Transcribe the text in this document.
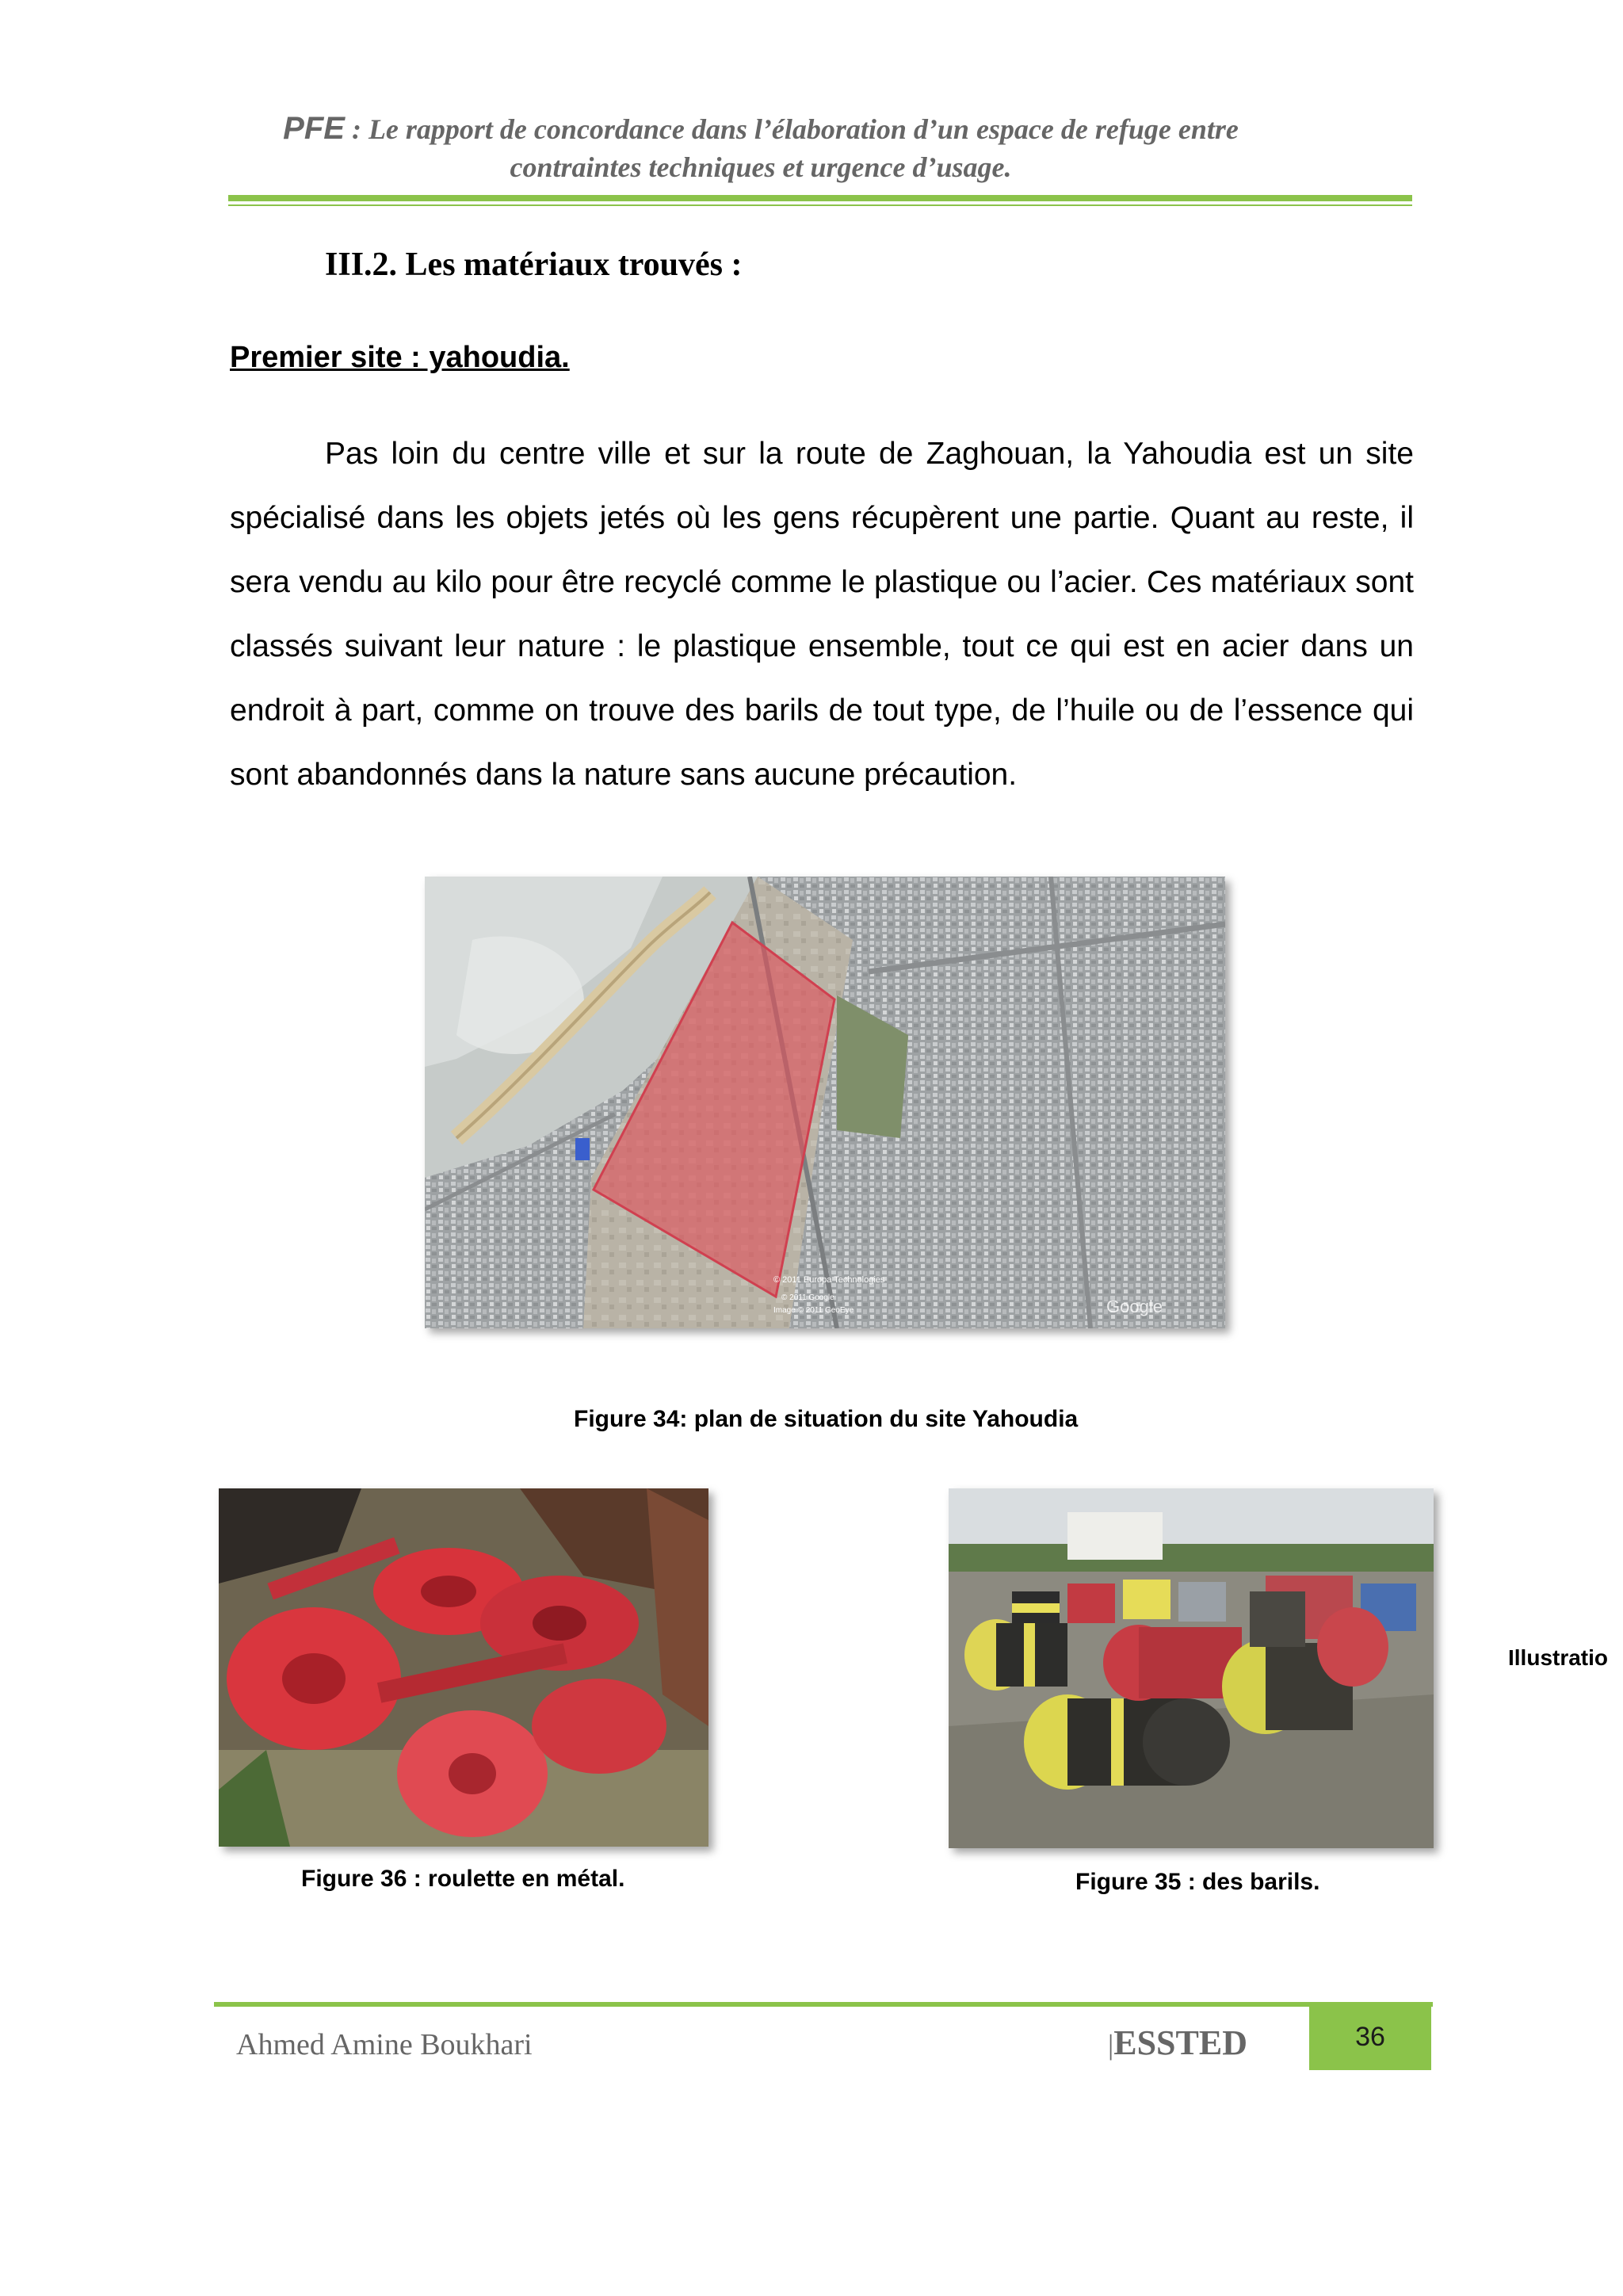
PFE : Le rapport de concordance dans l’élaboration d’un espace de refuge entre
contraintes techniques et urgence d’usage.
III.2. Les matériaux trouvés :
Premier site : yahoudia.

Pas loin du centre ville et sur la route de Zaghouan, la Yahoudia est un site spécialisé dans les objets jetés où les gens récupèrent une partie. Quant au reste, il sera vendu au kilo pour être recyclé comme le plastique ou l’acier. Ces matériaux sont classés suivant leur nature : le plastique ensemble, tout ce qui est en acier dans un endroit à part, comme on trouve des barils de tout type, de l’huile ou de l’essence qui sont abandonnés dans la nature sans aucune précaution.

© 2011 Europa Technologies
© 2011 Google
Image © 2011 GeoEye	Google
Figure 34: plan de situation du site Yahoudia
Figure 36 : roulette en métal.	Figure 35 : des barils.
Illustratio
Ahmed Amine Boukhari	|ESSTED	36
